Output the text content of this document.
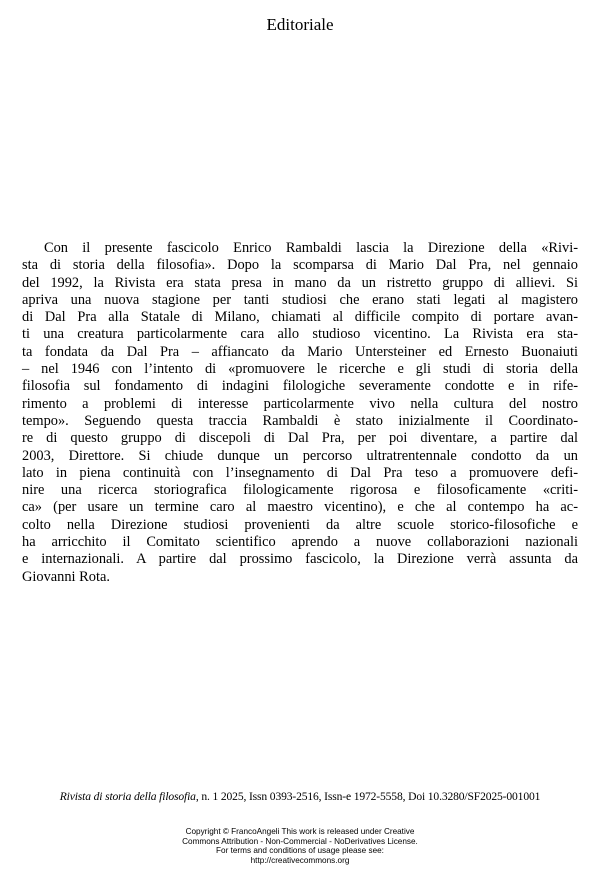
Editoriale
Con il presente fascicolo Enrico Rambaldi lascia la Direzione della «Rivi-
sta di storia della filosofia». Dopo la scomparsa di Mario Dal Pra, nel gennaio
del 1992, la Rivista era stata presa in mano da un ristretto gruppo di allievi. Si
apriva una nuova stagione per tanti studiosi che erano stati legati al magistero
di Dal Pra alla Statale di Milano, chiamati al difficile compito di portare avan-
ti una creatura particolarmente cara allo studioso vicentino. La Rivista era sta-
ta fondata da Dal Pra – affiancato da Mario Untersteiner ed Ernesto Buonaiuti
– nel 1946 con l’intento di «promuovere le ricerche e gli studi di storia della
filosofia sul fondamento di indagini filologiche severamente condotte e in rife-
rimento a problemi di interesse particolarmente vivo nella cultura del nostro
tempo». Seguendo questa traccia Rambaldi è stato inizialmente il Coordinato-
re di questo gruppo di discepoli di Dal Pra, per poi diventare, a partire dal
2003, Direttore. Si chiude dunque un percorso ultratrentennale condotto da un
lato in piena continuità con l’insegnamento di Dal Pra teso a promuovere defi-
nire una ricerca storiografica filologicamente rigorosa e filosoficamente «criti-
ca» (per usare un termine caro al maestro vicentino), e che al contempo ha ac-
colto nella Direzione studiosi provenienti da altre scuole storico-filosofiche e
ha arricchito il Comitato scientifico aprendo a nuove collaborazioni nazionali
e internazionali. A partire dal prossimo fascicolo, la Direzione verrà assunta da
Giovanni Rota.
Rivista di storia della filosofia, n. 1 2025, Issn 0393-2516, Issn-e 1972-5558, Doi 10.3280/SF2025-001001
Copyright © FrancoAngeli This work is released under Creative
Commons Attribution - Non-Commercial - NoDerivatives License.
For terms and conditions of usage please see:
http://creativecommons.org
